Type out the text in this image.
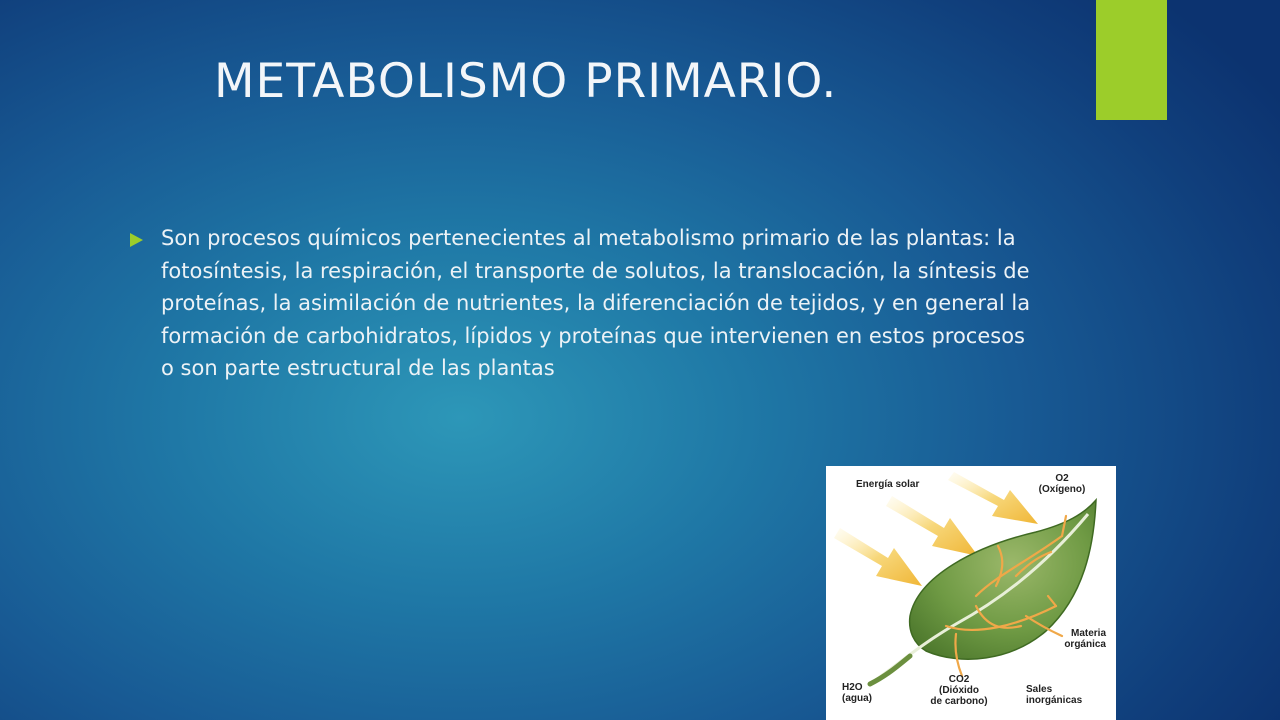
METABOLISMO PRIMARIO.

Son procesos químicos pertenecientes al metabolismo primario de las plantas: la fotosíntesis, la respiración, el transporte de solutos, la translocación, la síntesis de proteínas, la asimilación de nutrientes, la diferenciación de tejidos, y en general la formación de carbohidratos, lípidos y proteínas que intervienen en estos procesos o son parte estructural de las plantas

Energía solar
O2
(Oxígeno)
Materia
orgánica
H2O
(agua)
CO2
(Dióxido
de carbono)
Sales
inorgánicas
